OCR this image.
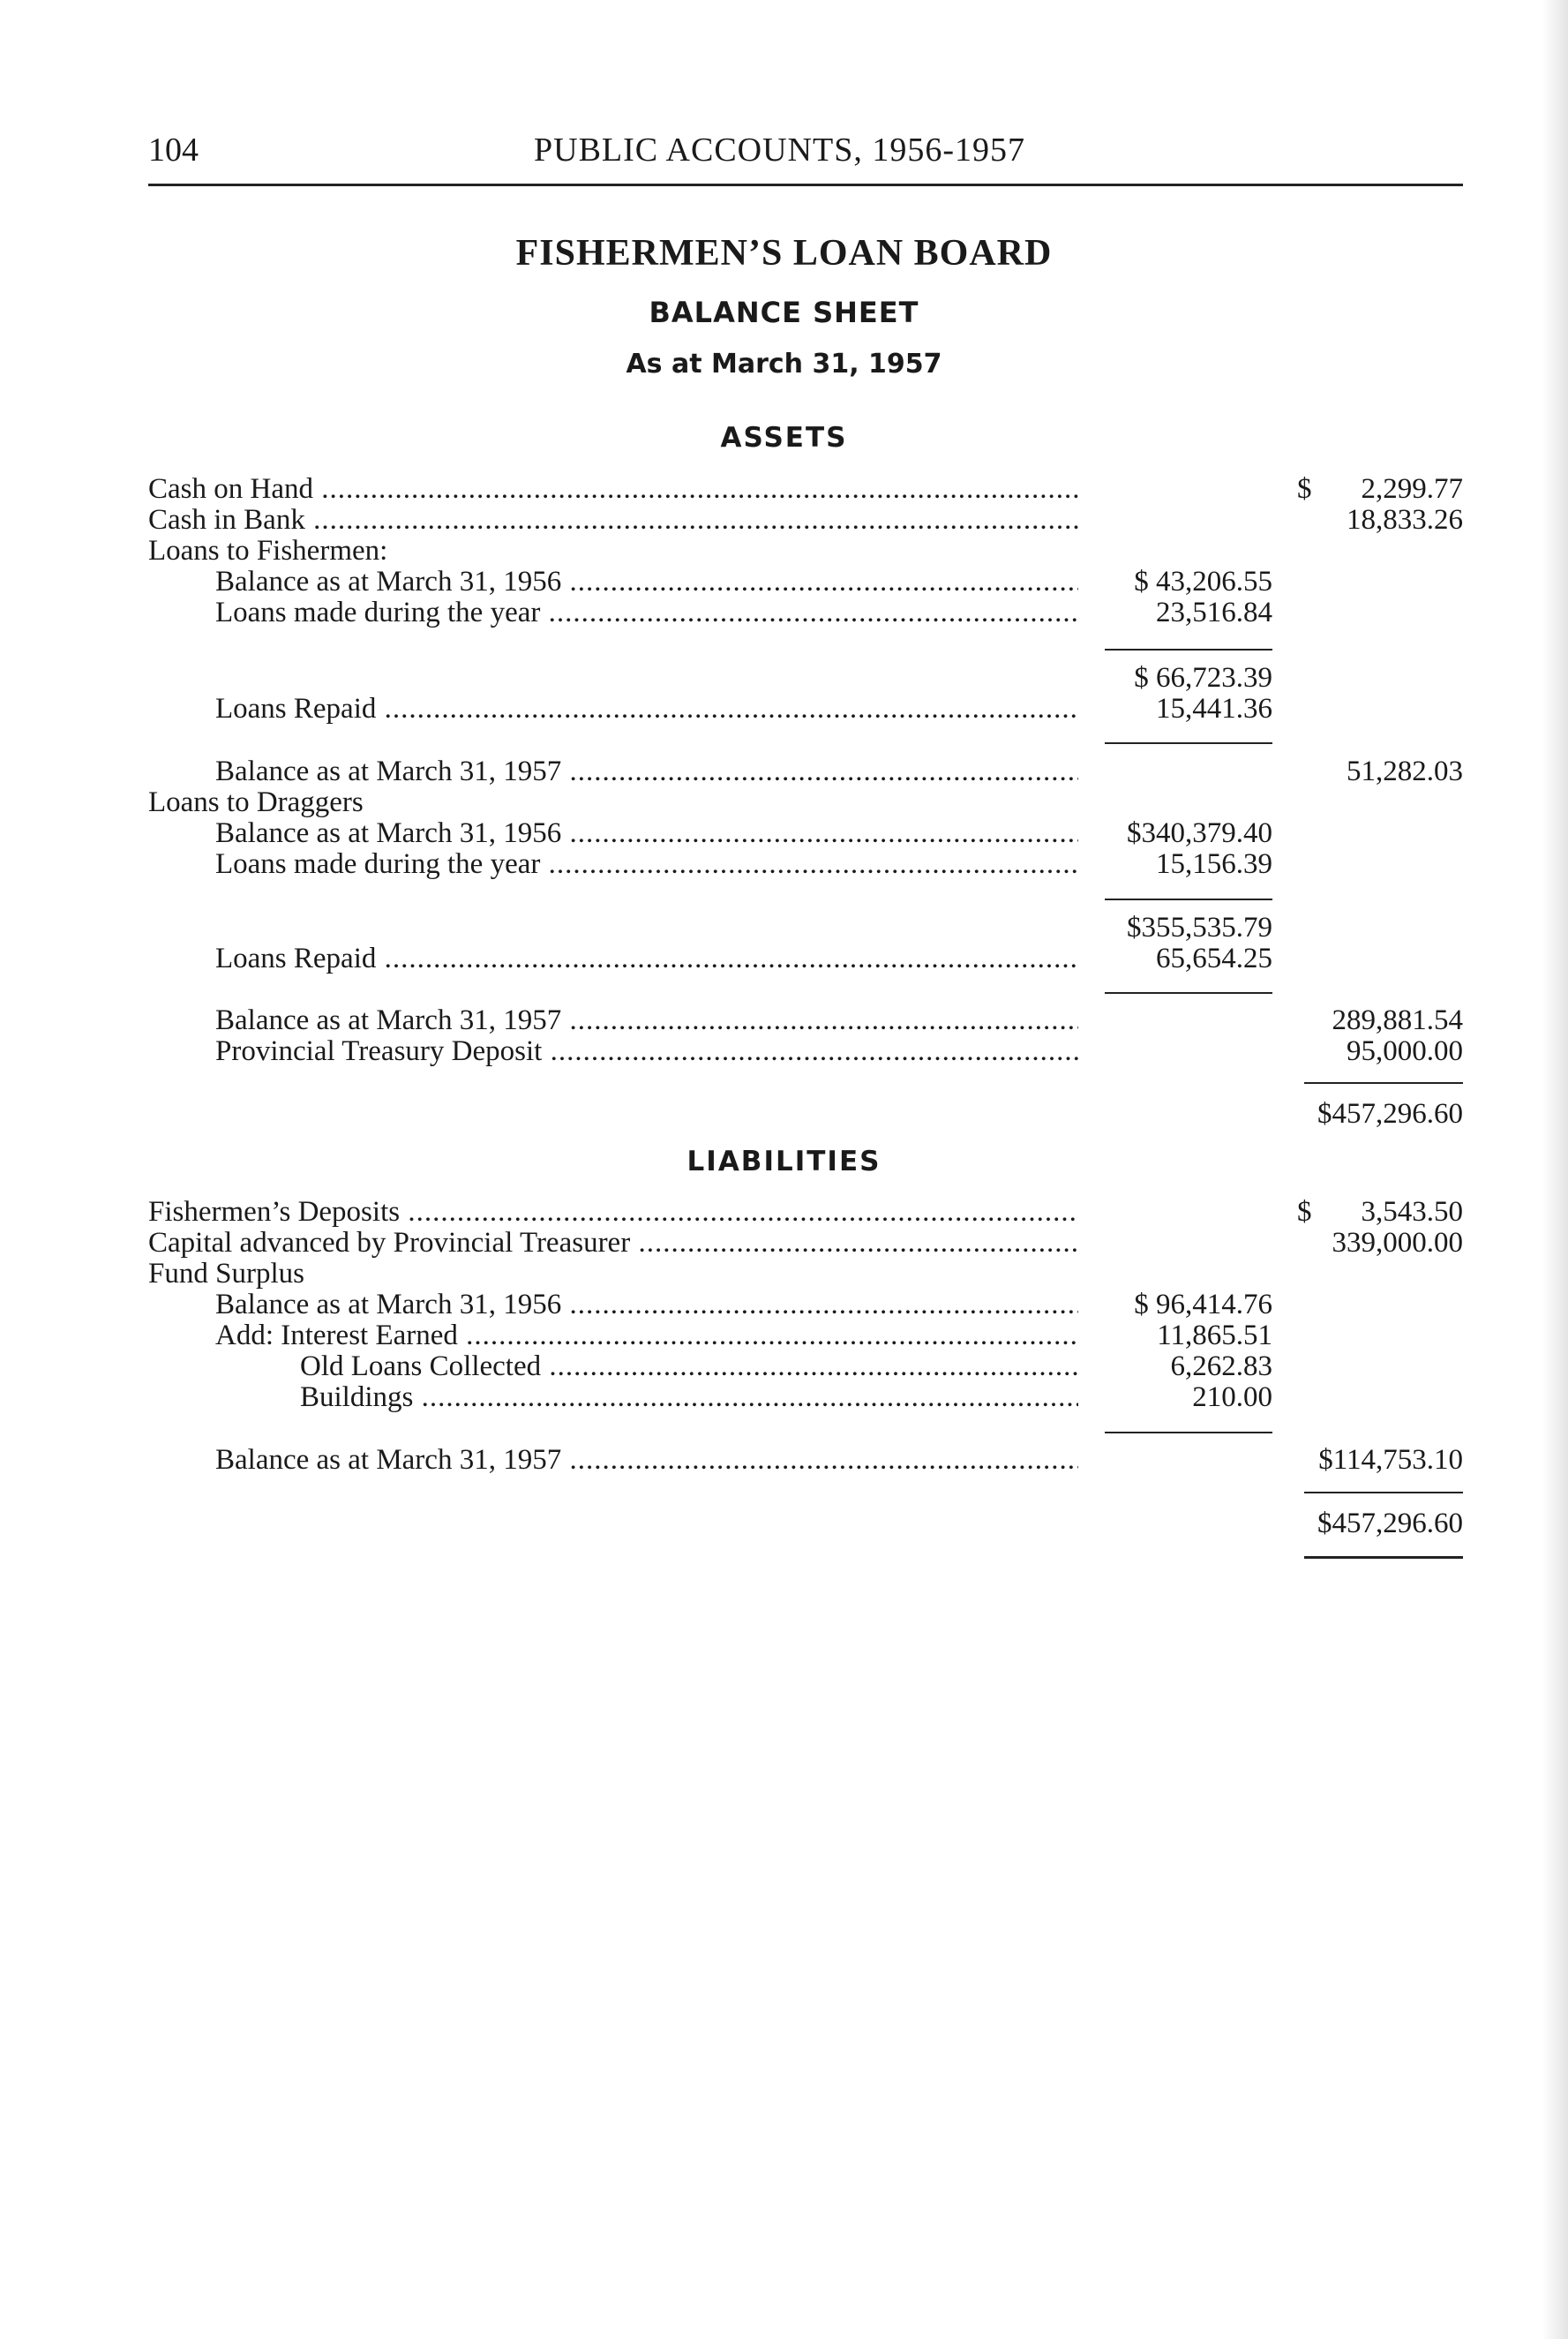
104	PUBLIC ACCOUNTS, 1956-1957
FISHERMEN’S LOAN BOARD
BALANCE SHEET
As at March 31, 1957
ASSETS
Cash on Hand .....	$ 2,299.77
Cash in Bank .....	18,833.26
Loans to Fishermen:
Balance as at March 31, 1956 .....	$ 43,206.55
Loans made during the year .....	23,516.84
$ 66,723.39
Loans Repaid .....	15,441.36
Balance as at March 31, 1957 .....	51,282.03
Loans to Draggers
Balance as at March 31, 1956 .....	$340,379.40
Loans made during the year .....	15,156.39
$355,535.79
Loans Repaid .....	65,654.25
Balance as at March 31, 1957 .....	289,881.54
Provincial Treasury Deposit .....	95,000.00
$457,296.60
LIABILITIES
Fishermen’s Deposits .....	$ 3,543.50
Capital advanced by Provincial Treasurer .....	339,000.00
Fund Surplus
Balance as at March 31, 1956 .....	$ 96,414.76
Add: Interest Earned .....	11,865.51
Old Loans Collected .....	6,262.83
Buildings .....	210.00
Balance as at March 31, 1957 .....	$114,753.10
$457,296.60
